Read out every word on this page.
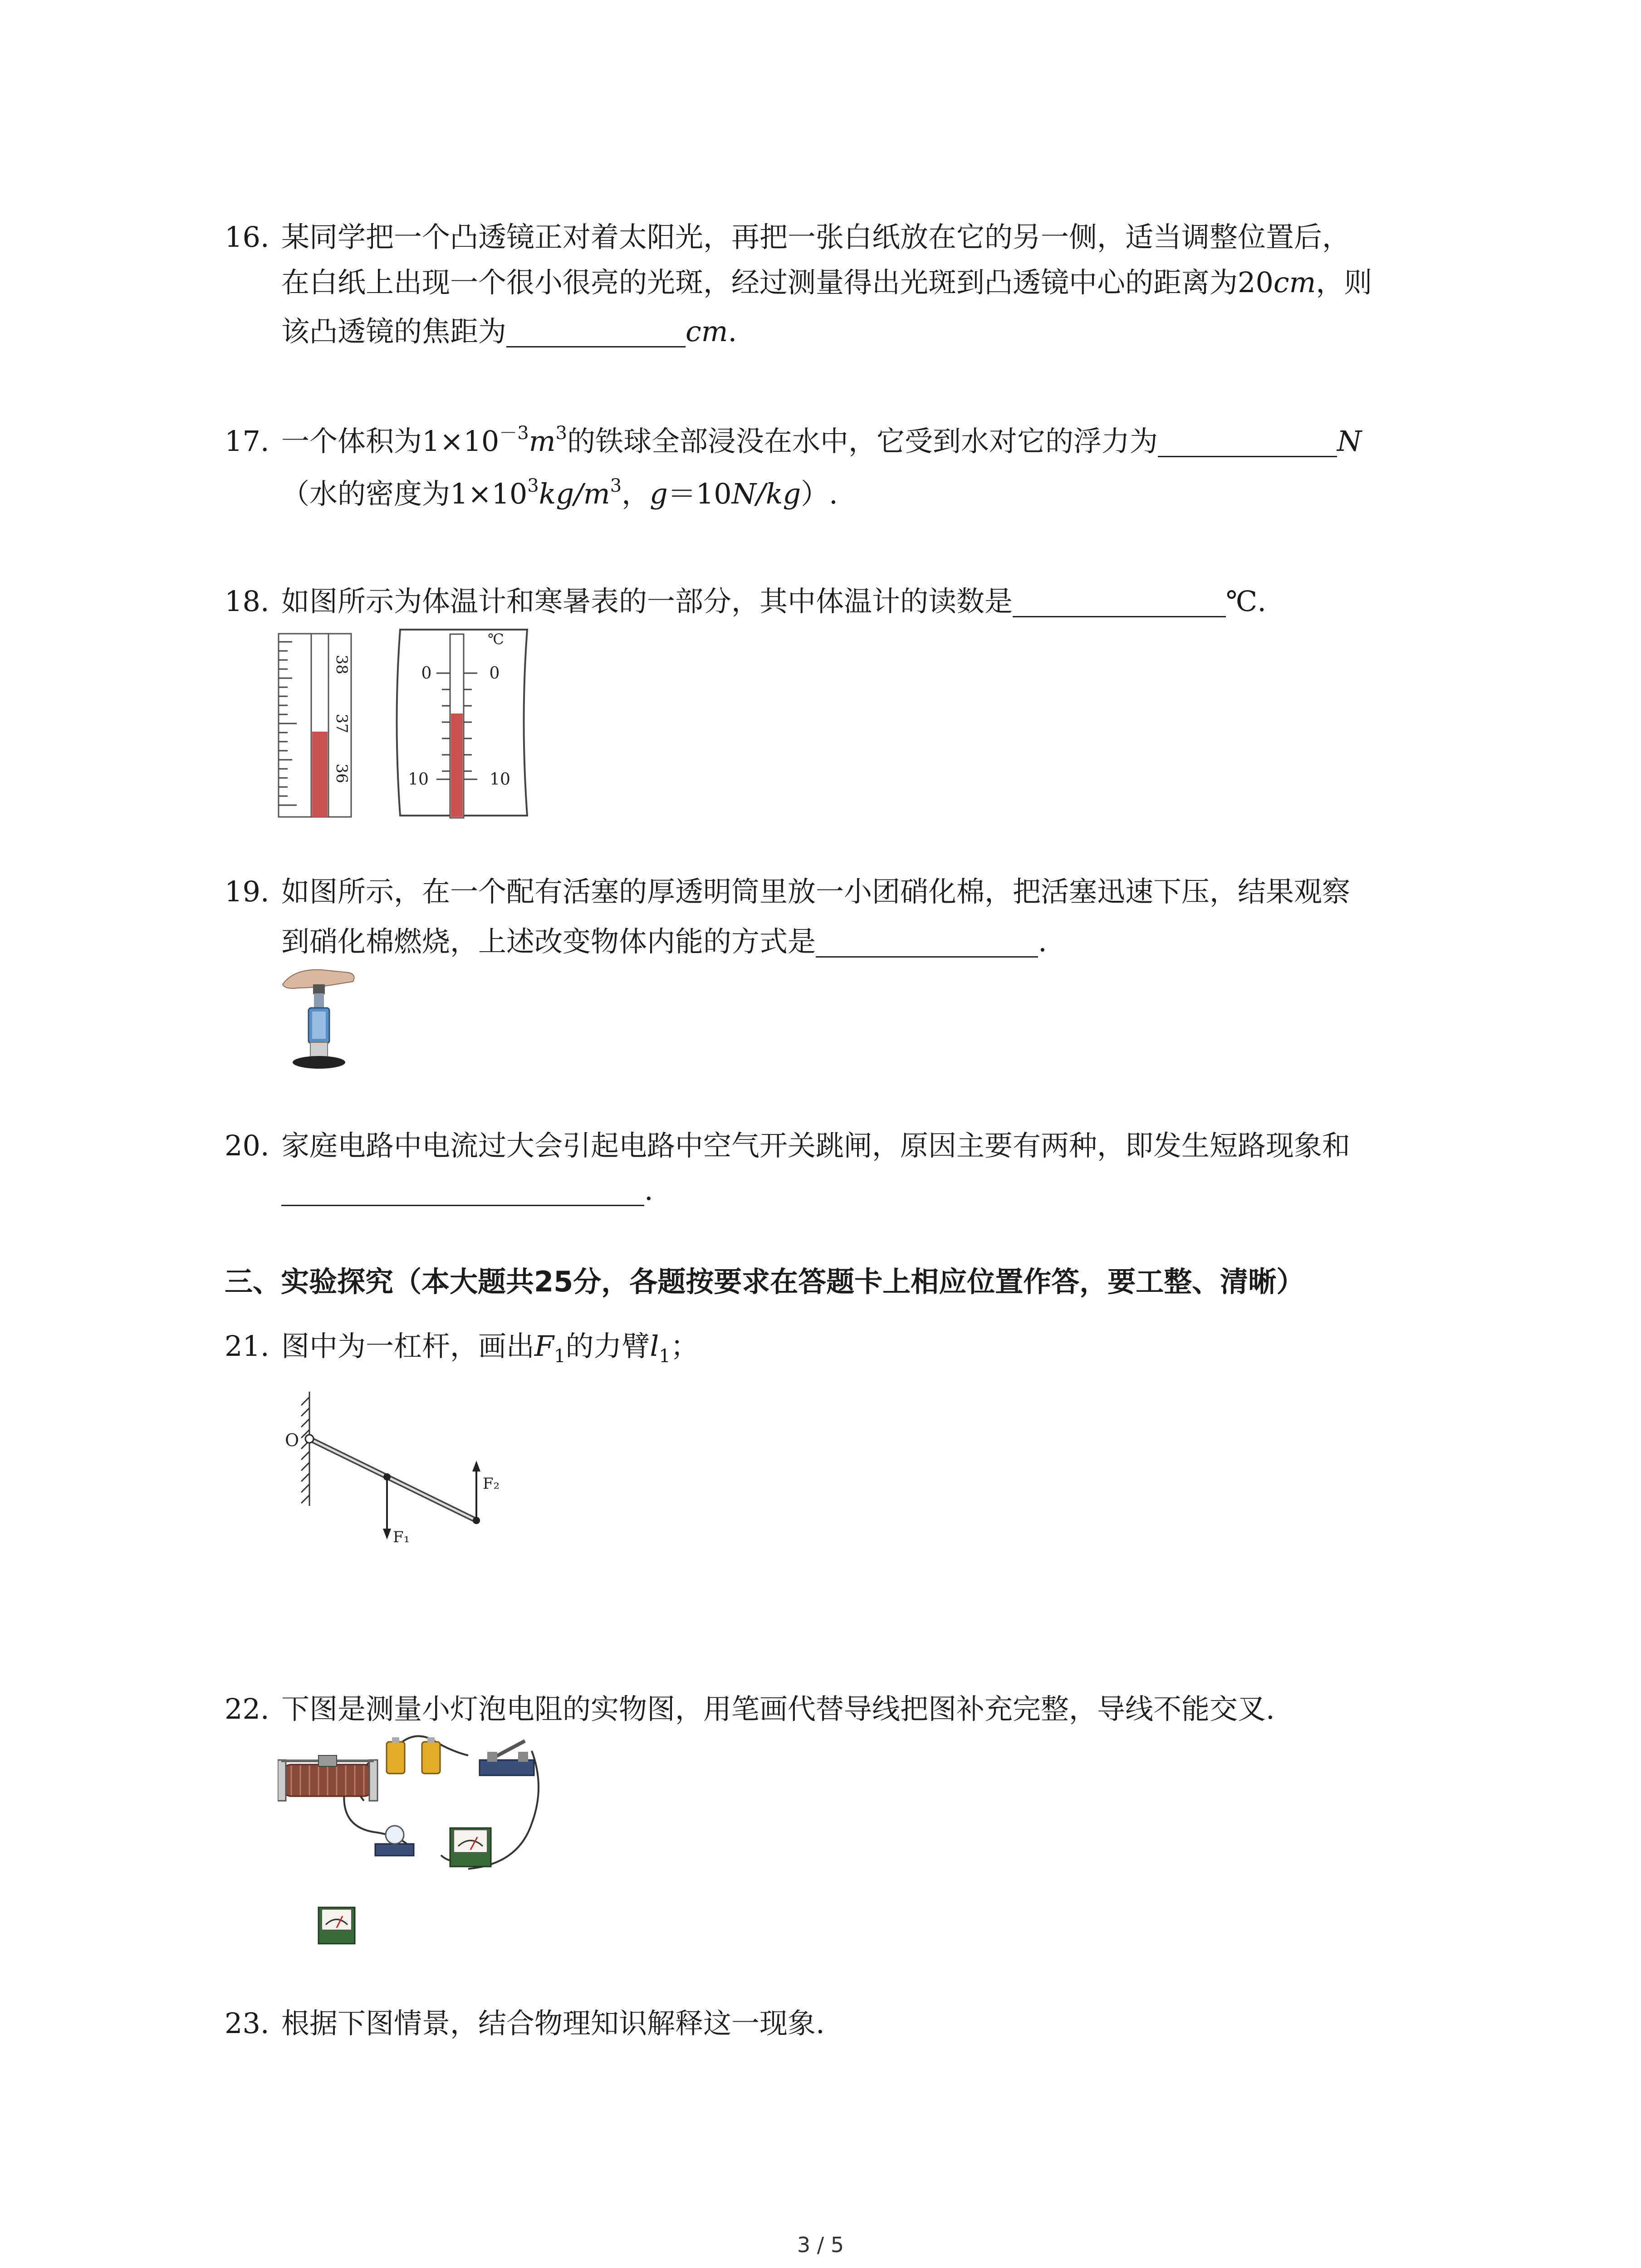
16. 某同学把一个凸透镜正对着太阳光，再把一张白纸放在它的另一侧，适当调整位置后，
在白纸上出现一个很小很亮的光斑，经过测量得出光斑到凸透镜中心的距离为20cm，则
该凸透镜的焦距为	cm.
17. 一个体积为$1\times 10^{-3}m^3$的铁球全部浸没在水中，它受到水对它的浮力为	N
（水的密度为$1\times 10^3kg/m^3$，g＝10N/kg）.
18. 如图所示为体温计和寒暑表的一部分，其中体温计的读数是	℃.
38
37
36
℃
0	0
10	10
19. 如图所示，在一个配有活塞的厚透明筒里放一小团硝化棉，把活塞迅速下压，结果观察
到硝化棉燃烧，上述改变物体内能的方式是	.
20. 家庭电路中电流过大会引起电路中空气开关跳闸，原因主要有两种，即发生短路现象和
.
三、实验探究（本大题共25分，各题按要求在答题卡上相应位置作答，要工整、清晰）
21. 图中为一杠杆，画出$F_1$的力臂$l_1$；
O
F₁
F₂
22. 下图是测量小灯泡电阻的实物图，用笔画代替导线把图补充完整，导线不能交叉.
23. 根据下图情景，结合物理知识解释这一现象.
3 / 5
